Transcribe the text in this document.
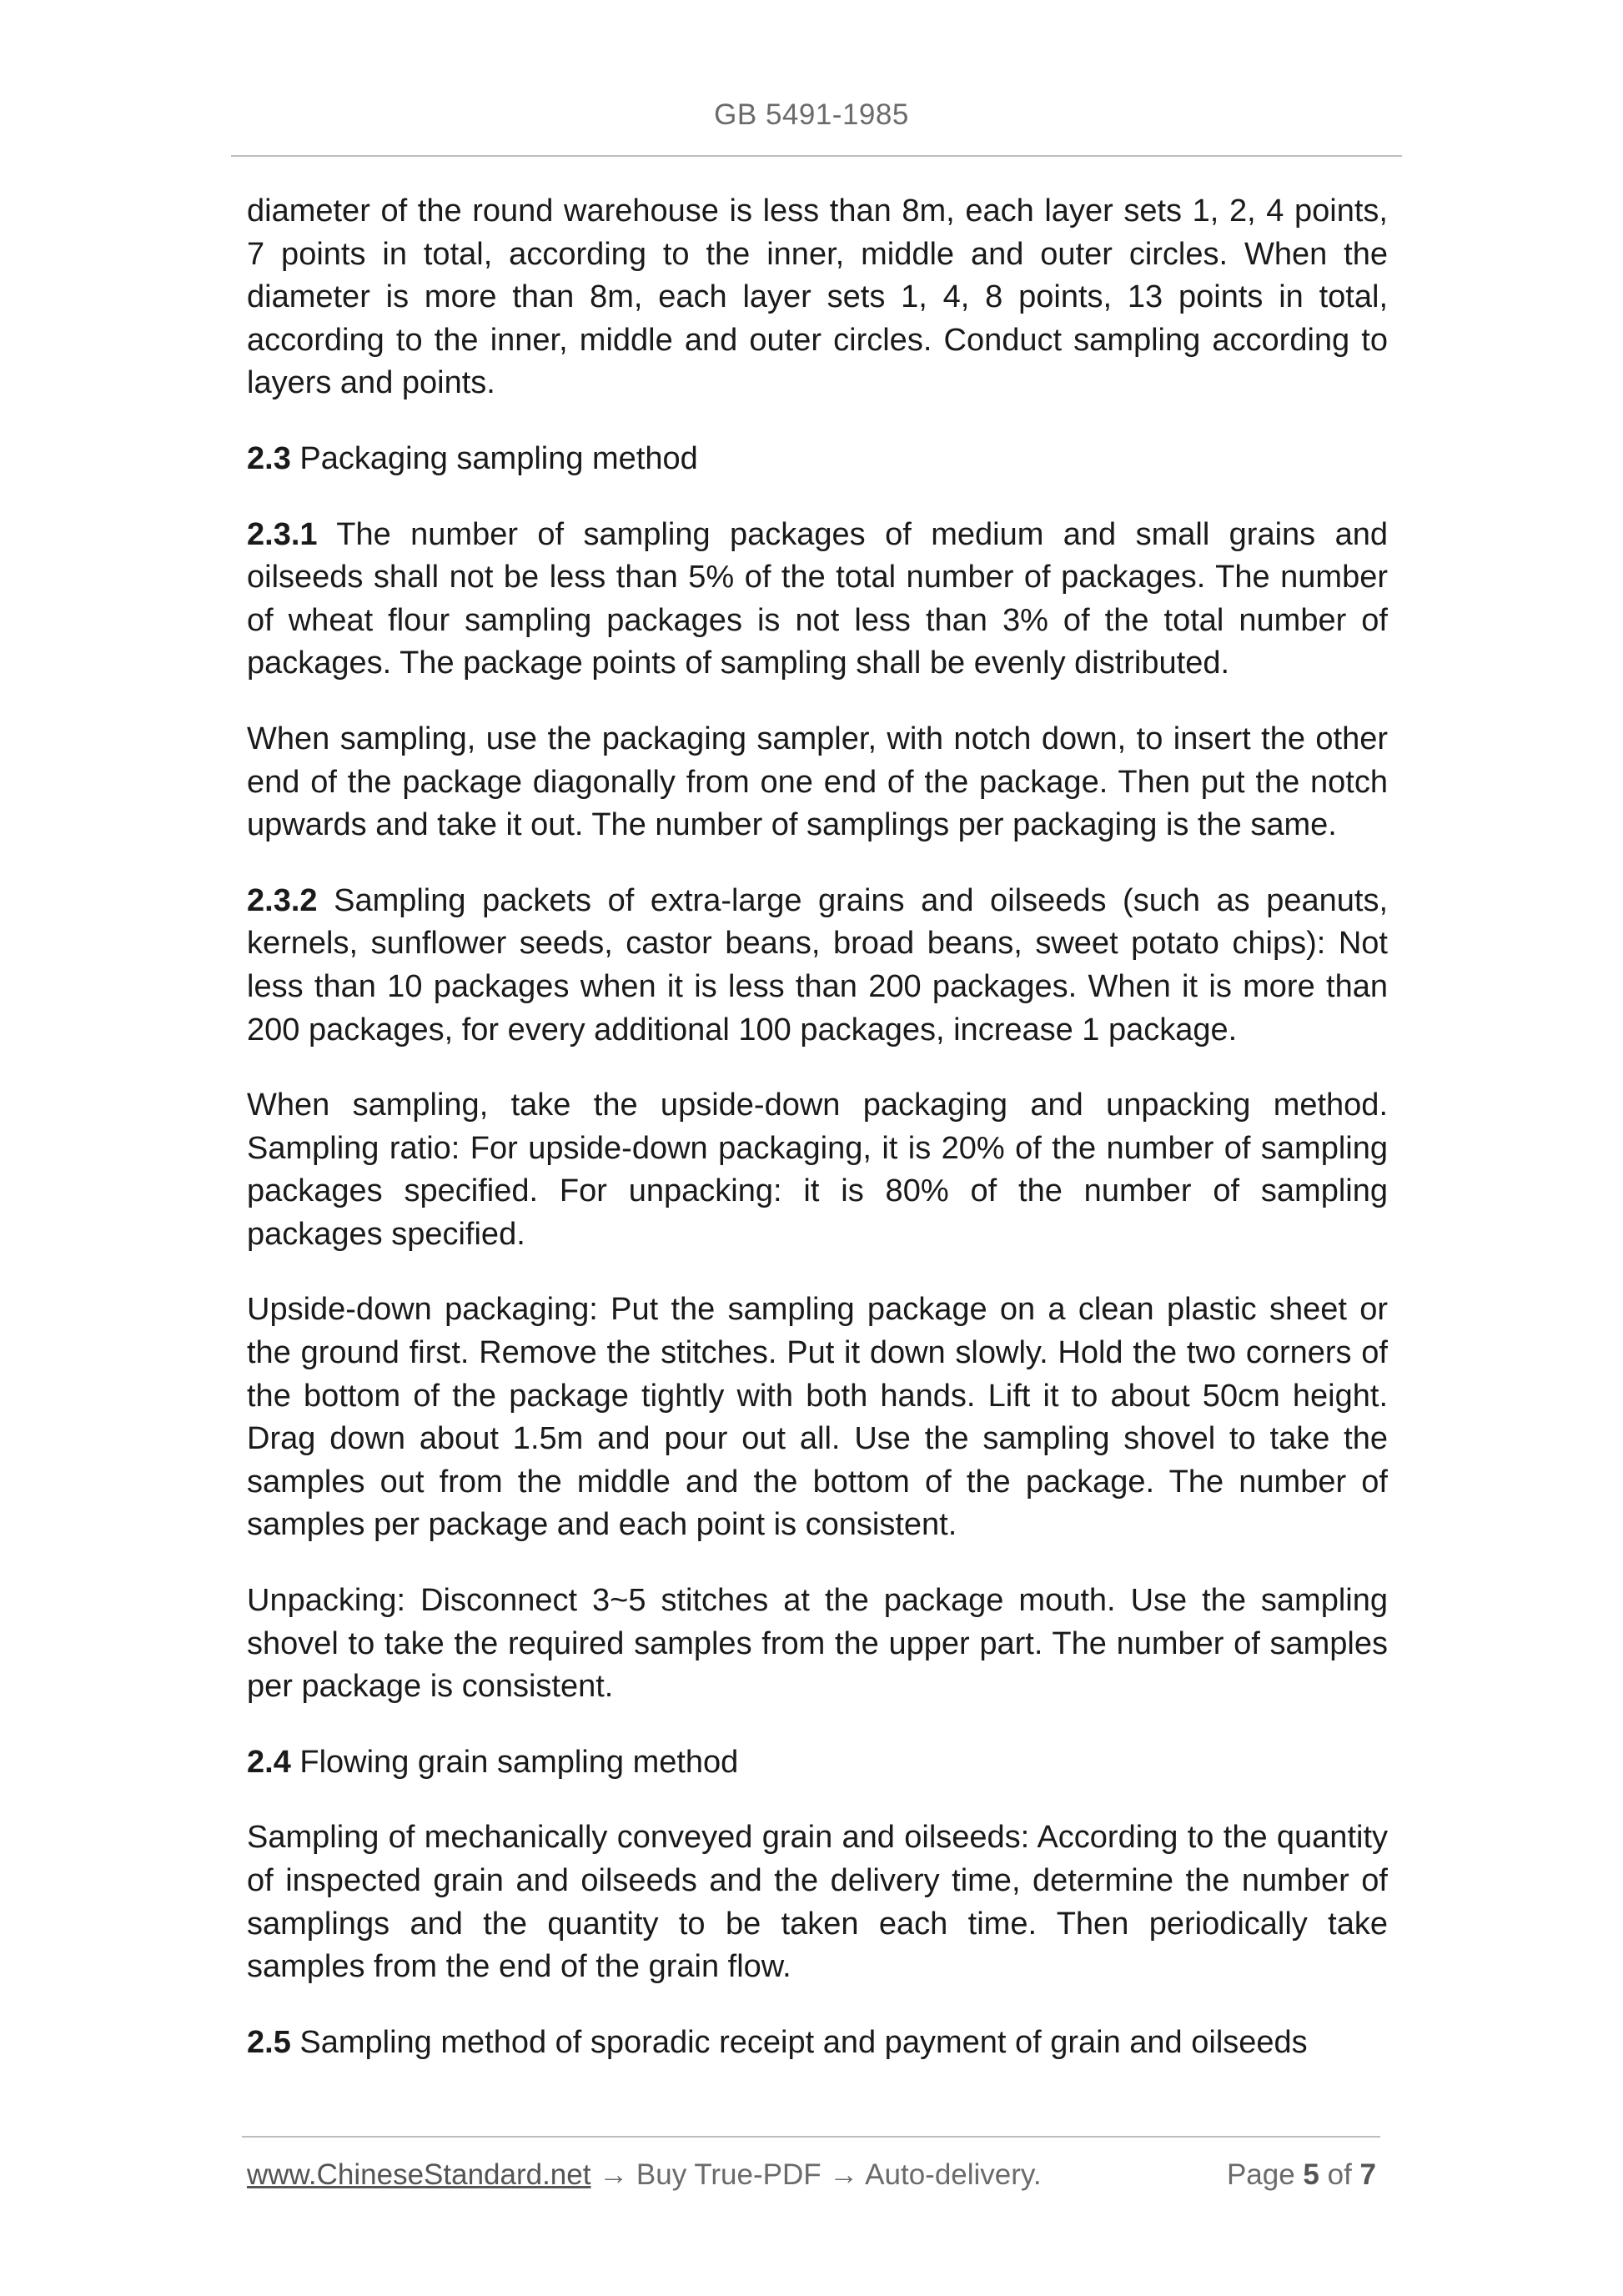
GB 5491-1985

diameter of the round warehouse is less than 8m, each layer sets 1, 2, 4 points, 7 points in total, according to the inner, middle and outer circles. When the diameter is more than 8m, each layer sets 1, 4, 8 points, 13 points in total, according to the inner, middle and outer circles. Conduct sampling according to layers and points.

2.3 Packaging sampling method

2.3.1 The number of sampling packages of medium and small grains and oilseeds shall not be less than 5% of the total number of packages. The number of wheat flour sampling packages is not less than 3% of the total number of packages. The package points of sampling shall be evenly distributed.

When sampling, use the packaging sampler, with notch down, to insert the other end of the package diagonally from one end of the package. Then put the notch upwards and take it out. The number of samplings per packaging is the same.

2.3.2 Sampling packets of extra-large grains and oilseeds (such as peanuts, kernels, sunflower seeds, castor beans, broad beans, sweet potato chips): Not less than 10 packages when it is less than 200 packages. When it is more than 200 packages, for every additional 100 packages, increase 1 package.

When sampling, take the upside-down packaging and unpacking method. Sampling ratio: For upside-down packaging, it is 20% of the number of sampling packages specified. For unpacking: it is 80% of the number of sampling packages specified.

Upside-down packaging: Put the sampling package on a clean plastic sheet or the ground first. Remove the stitches. Put it down slowly. Hold the two corners of the bottom of the package tightly with both hands. Lift it to about 50cm height. Drag down about 1.5m and pour out all. Use the sampling shovel to take the samples out from the middle and the bottom of the package. The number of samples per package and each point is consistent.

Unpacking: Disconnect 3~5 stitches at the package mouth. Use the sampling shovel to take the required samples from the upper part. The number of samples per package is consistent.

2.4 Flowing grain sampling method

Sampling of mechanically conveyed grain and oilseeds: According to the quantity of inspected grain and oilseeds and the delivery time, determine the number of samplings and the quantity to be taken each time. Then periodically take samples from the end of the grain flow.

2.5 Sampling method of sporadic receipt and payment of grain and oilseeds

www.ChineseStandard.net → Buy True-PDF → Auto-delivery.	Page 5 of 7
